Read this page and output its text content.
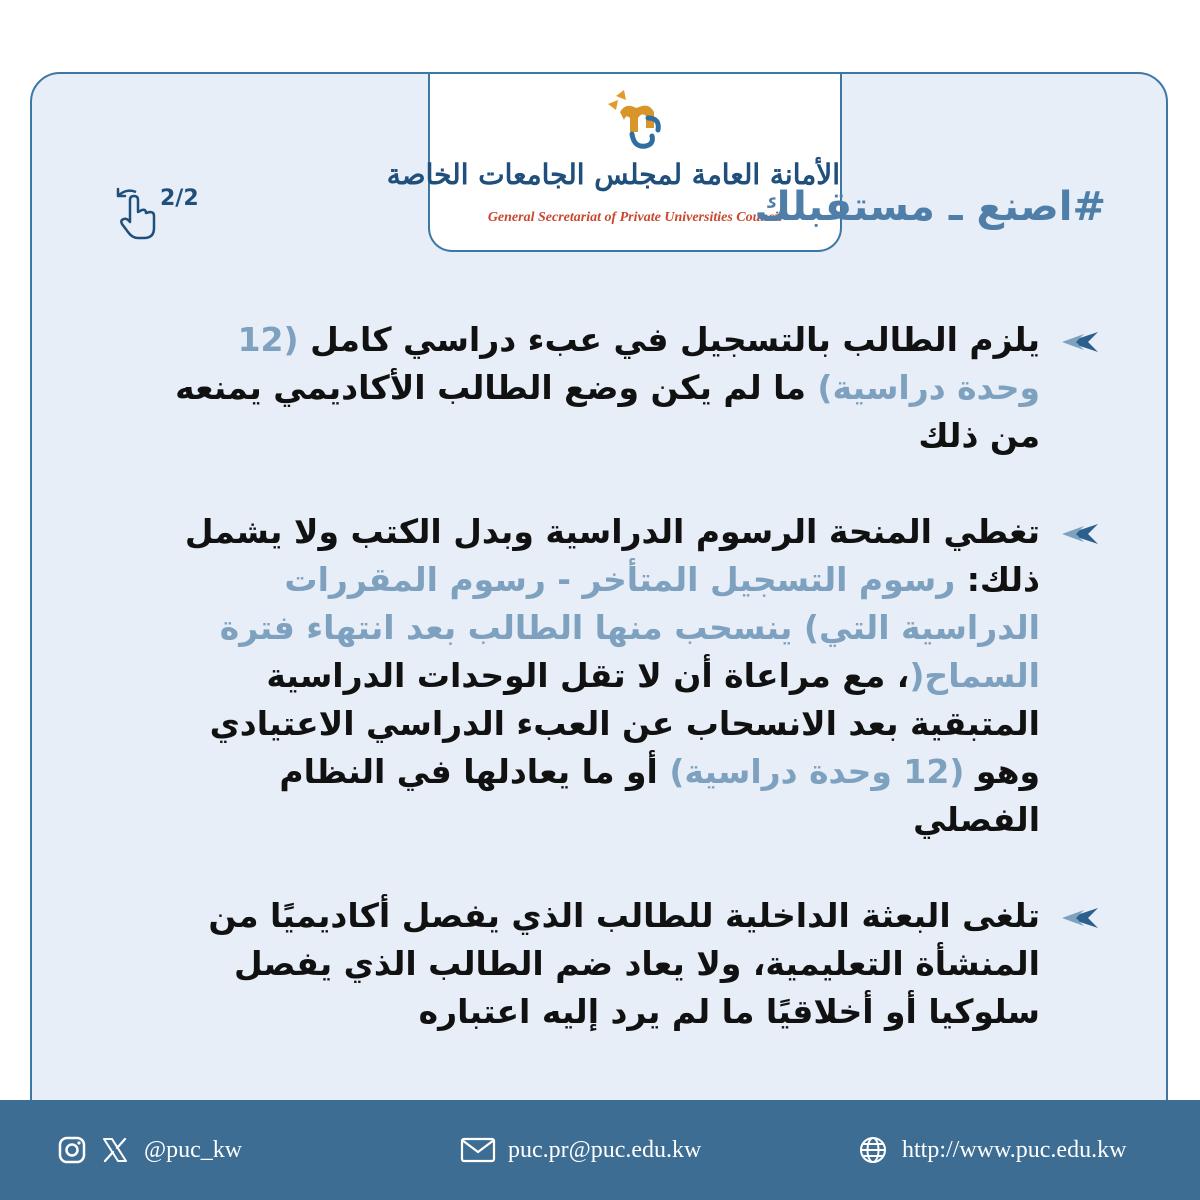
الأمانة العامة لمجلس الجامعات الخاصة
General Secretariat of Private Universities Council
#اصنع ـ مستقبلك
2/2
يلزم الطالب بالتسجيل في عبء دراسي كامل (12 وحدة دراسية) ما لم يكن وضع الطالب الأكاديمي يمنعه من ذلك
تغطي المنحة الرسوم الدراسية وبدل الكتب ولا يشمل ذلك: رسوم التسجيل المتأخر - رسوم المقررات الدراسية التي) ينسحب منها الطالب بعد انتهاء فترة السماح(، مع مراعاة أن لا تقل الوحدات الدراسية المتبقية بعد الانسحاب عن العبء الدراسي الاعتيادي وهو (12 وحدة دراسية) أو ما يعادلها في النظام الفصلي
تلغى البعثة الداخلية للطالب الذي يفصل أكاديميًا من المنشأة التعليمية، ولا يعاد ضم الطالب الذي يفصل سلوكيا أو أخلاقيًا ما لم يرد إليه اعتباره
@puc_kw	puc.pr@puc.edu.kw	http://www.puc.edu.kw
